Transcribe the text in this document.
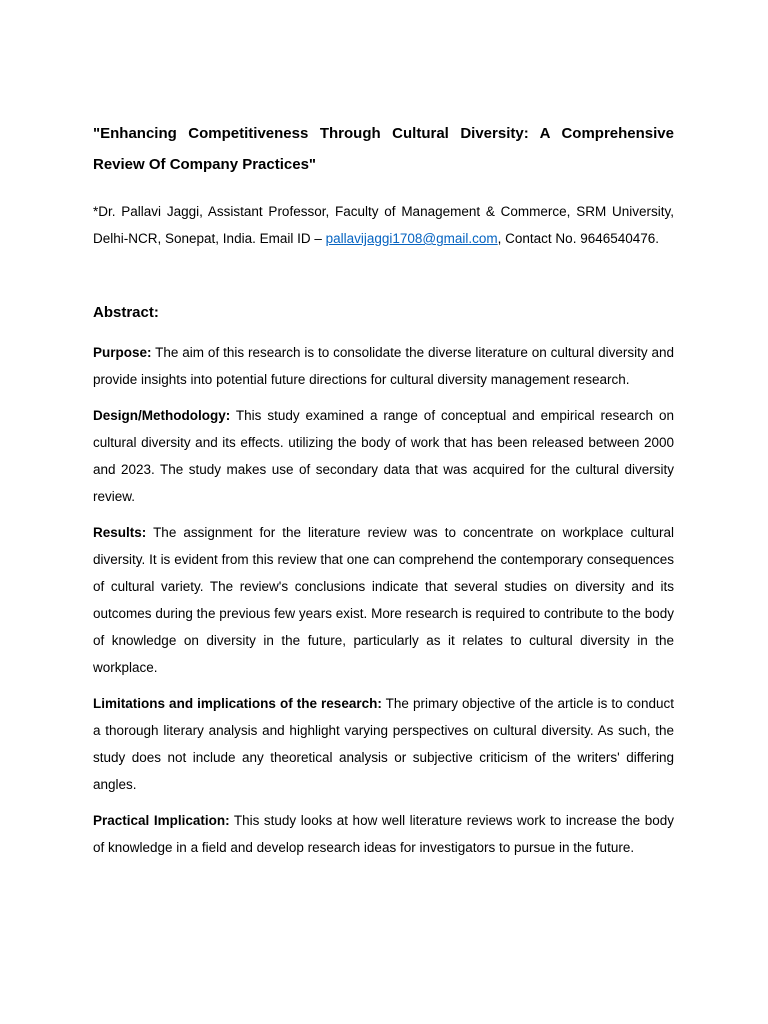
"Enhancing Competitiveness Through Cultural Diversity: A Comprehensive Review Of Company Practices"

*Dr. Pallavi Jaggi, Assistant Professor, Faculty of Management & Commerce, SRM University, Delhi-NCR, Sonepat, India. Email ID – pallavijaggi1708@gmail.com, Contact No. 9646540476.

Abstract:

Purpose: The aim of this research is to consolidate the diverse literature on cultural diversity and provide insights into potential future directions for cultural diversity management research.

Design/Methodology: This study examined a range of conceptual and empirical research on cultural diversity and its effects. utilizing the body of work that has been released between 2000 and 2023. The study makes use of secondary data that was acquired for the cultural diversity review.

Results: The assignment for the literature review was to concentrate on workplace cultural diversity. It is evident from this review that one can comprehend the contemporary consequences of cultural variety. The review's conclusions indicate that several studies on diversity and its outcomes during the previous few years exist. More research is required to contribute to the body of knowledge on diversity in the future, particularly as it relates to cultural diversity in the workplace.

Limitations and implications of the research: The primary objective of the article is to conduct a thorough literary analysis and highlight varying perspectives on cultural diversity. As such, the study does not include any theoretical analysis or subjective criticism of the writers' differing angles.

Practical Implication: This study looks at how well literature reviews work to increase the body of knowledge in a field and develop research ideas for investigators to pursue in the future.
